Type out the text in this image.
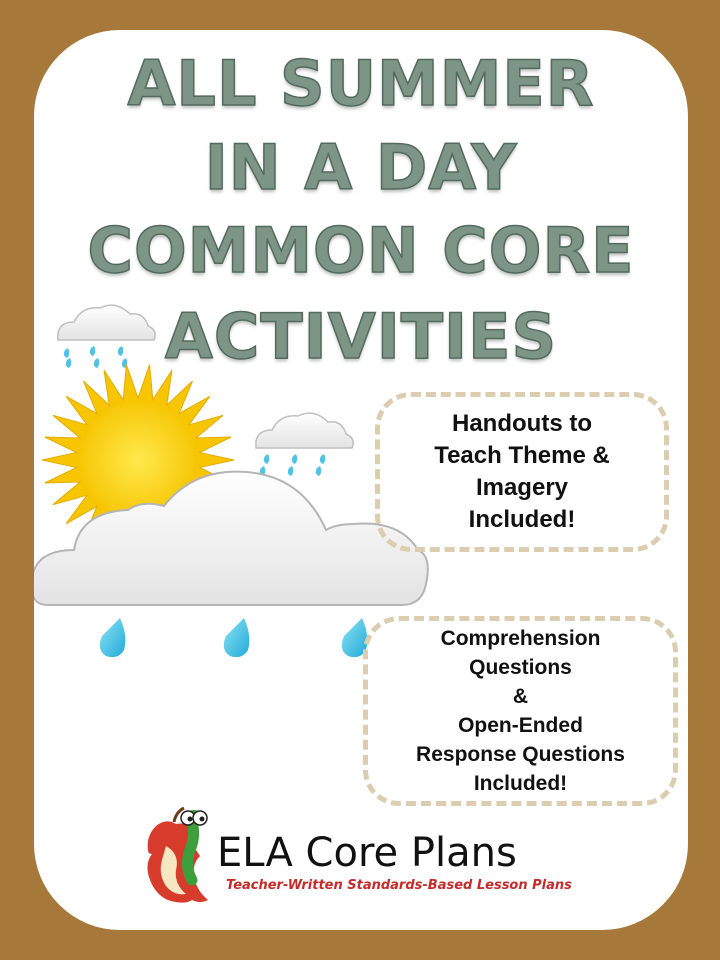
ALL SUMMER
IN A DAY
COMMON CORE
ACTIVITIES
Handouts to
Teach Theme &
Imagery
Included!
Comprehension
Questions
&
Open-Ended
Response Questions
Included!
ELA Core Plans
Teacher-Written Standards-Based Lesson Plans
1
